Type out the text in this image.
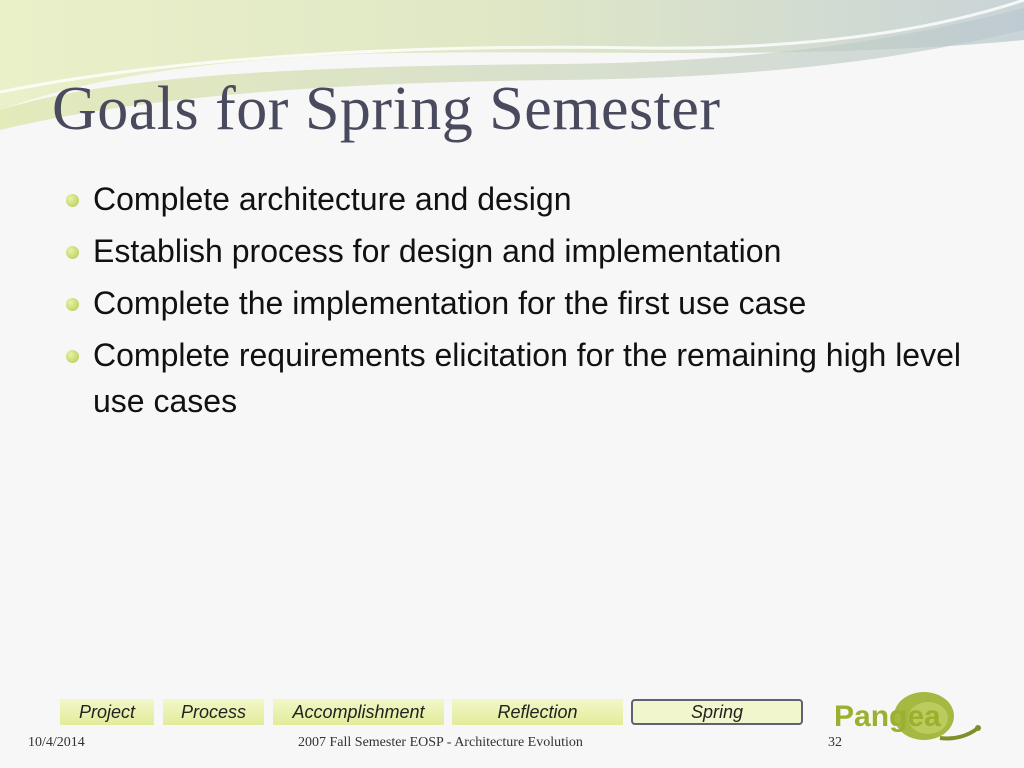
Goals for Spring Semester
Complete architecture and design
Establish process for design and implementation
Complete the implementation for the first use case
Complete requirements elicitation for the remaining high level use cases
Project	Process	Accomplishment	Reflection	Spring	Pangea
10/4/2014	2007 Fall Semester EOSP - Architecture Evolution	32
